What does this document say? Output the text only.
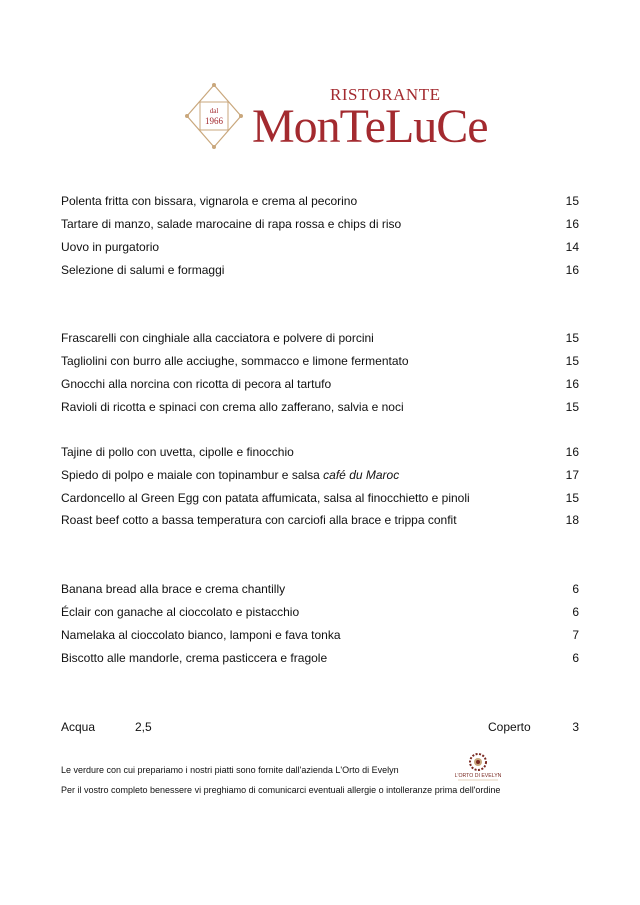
dal
1966
RISTORANTE
MonTeLuCe
Polenta fritta con bissara, vignarola e crema al pecorino	15
Tartare di manzo, salade marocaine di rapa rossa e chips di riso	16
Uovo in purgatorio	14
Selezione di salumi e formaggi	16
Frascarelli con cinghiale alla cacciatora e polvere di porcini	15
Tagliolini con burro alle acciughe, sommacco e limone fermentato	15
Gnocchi alla norcina con ricotta di pecora al tartufo	16
Ravioli di ricotta e spinaci con crema allo zafferano, salvia e noci	15
Tajine di pollo con uvetta, cipolle e finocchio	16
Spiedo di polpo e maiale con topinambur e salsa café du Maroc	17
Cardoncello al Green Egg con patata affumicata, salsa al finocchietto e pinoli	15
Roast beef cotto a bassa temperatura con carciofi alla brace e trippa confit	18
Banana bread alla brace e crema chantilly	6
Éclair con ganache al cioccolato e pistacchio	6
Namelaka al cioccolato bianco, lamponi e fava tonka	7
Biscotto alle mandorle, crema pasticcera e fragole	6
Acqua	2,5	Coperto	3
Le verdure con cui prepariamo i nostri piatti sono fornite dall'azienda L'Orto di Evelyn
Per il vostro completo benessere vi preghiamo di comunicarci eventuali allergie o intolleranze prima dell'ordine
L'ORTO DI EVELYN
